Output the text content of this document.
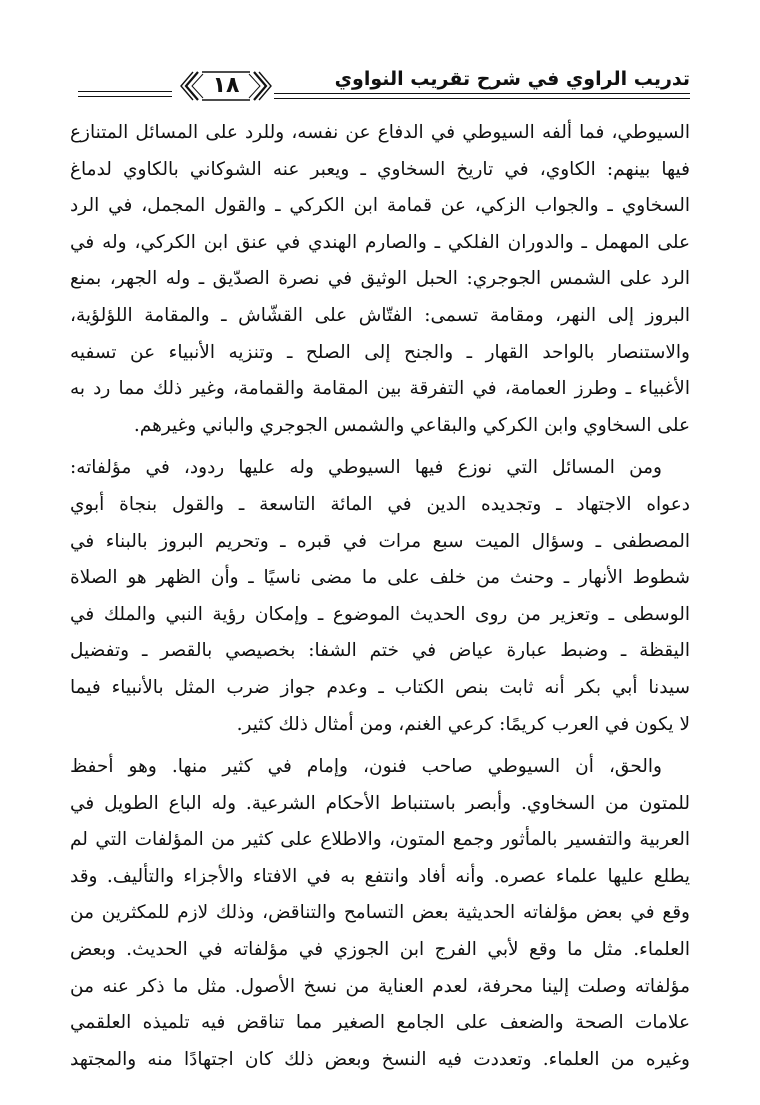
تدريب الراوي في شرح تقريب النواوي
١٨
السيوطي، فما ألفه السيوطي في الدفاع عن نفسه، وللرد على المسائل المتنازع
فيها بينهم: الكاوي، في تاريخ السخاوي ـ ويعبر عنه الشوكاني بالكاوي لدماغ
السخاوي ـ والجواب الزكي، عن قمامة ابن الكركي ـ والقول المجمل، في الرد
على المهمل ـ والدوران الفلكي ـ والصارم الهندي في عنق ابن الكركي، وله في
الرد على الشمس الجوجري: الحبل الوثيق في نصرة الصدّيق ـ وله الجهر، بمنع
البروز إلى النهر، ومقامة تسمى: الفتّاش على القشّاش ـ والمقامة اللؤلؤية،
والاستنصار بالواحد القهار ـ والجنح إلى الصلح ـ وتنزيه الأنبياء عن تسفيه
الأغبياء ـ وطرز العمامة، في التفرقة بين المقامة والقمامة، وغير ذلك مما رد به
على السخاوي وابن الكركي والبقاعي والشمس الجوجري والباني وغيرهم.
ومن المسائل التي نوزع فيها السيوطي وله عليها ردود، في مؤلفاته:
دعواه الاجتهاد ـ وتجديده الدين في المائة التاسعة ـ والقول بنجاة أبوي
المصطفى ـ وسؤال الميت سبع مرات في قبره ـ وتحريم البروز بالبناء في
شطوط الأنهار ـ وحنث من خلف على ما مضى ناسيًا ـ وأن الظهر هو الصلاة
الوسطى ـ وتعزير من روى الحديث الموضوع ـ وإمكان رؤية النبي والملك في
اليقظة ـ وضبط عبارة عياض في ختم الشفا: بخصيصي بالقصر ـ وتفضيل
سيدنا أبي بكر أنه ثابت بنص الكتاب ـ وعدم جواز ضرب المثل بالأنبياء فيما
لا يكون في العرب كريمًا: كرعي الغنم، ومن أمثال ذلك كثير.
والحق، أن السيوطي صاحب فنون، وإمام في كثير منها. وهو أحفظ
للمتون من السخاوي. وأبصر باستنباط الأحكام الشرعية. وله الباع الطويل في
العربية والتفسير بالمأثور وجمع المتون، والاطلاع على كثير من المؤلفات التي لم
يطلع عليها علماء عصره. وأنه أفاد وانتفع به في الافتاء والأجزاء والتأليف. وقد
وقع في بعض مؤلفاته الحديثية بعض التسامح والتناقض، وذلك لازم للمكثرين من
العلماء. مثل ما وقع لأبي الفرج ابن الجوزي في مؤلفاته في الحديث. وبعض
مؤلفاته وصلت إلينا محرفة، لعدم العناية من نسخ الأصول. مثل ما ذكر عنه من
علامات الصحة والضعف على الجامع الصغير مما تناقض فيه تلميذه العلقمي
وغيره من العلماء. وتعددت فيه النسخ وبعض ذلك كان اجتهادًا منه والمجتهد
